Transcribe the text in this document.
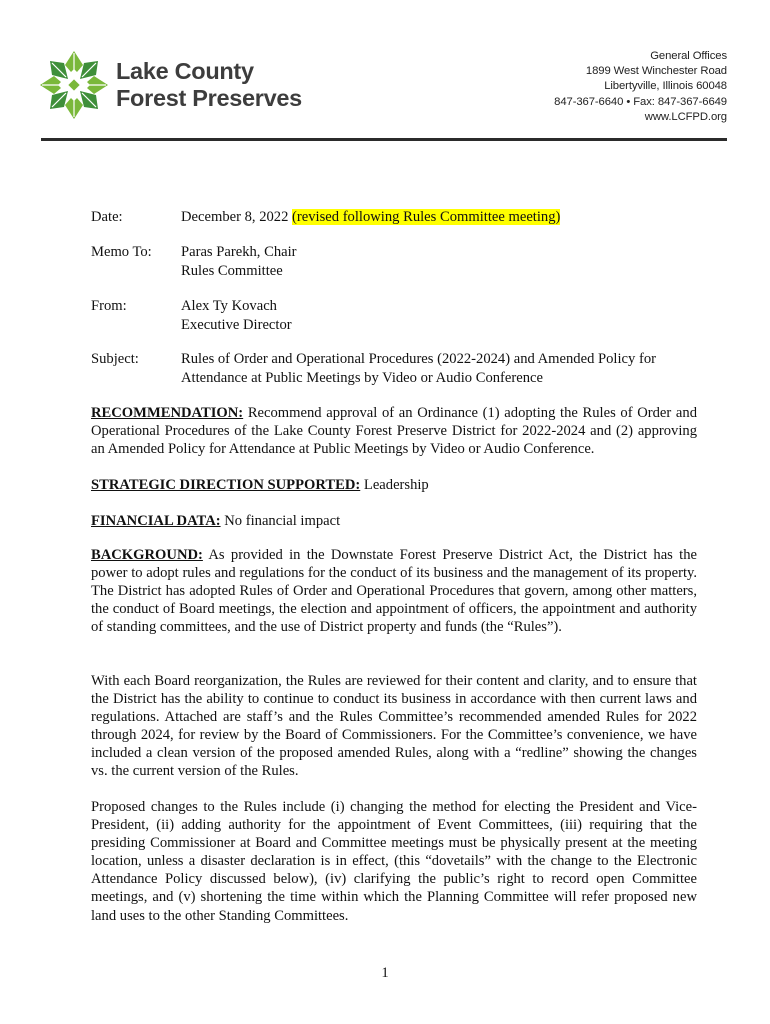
Lake County
Forest Preserves
General Offices
1899 West Winchester Road
Libertyville, Illinois 60048
847-367-6640 • Fax: 847-367-6649
www.LCFPD.org
Date:	December 8, 2022 (revised following Rules Committee meeting)
Memo To: Paras Parekh, Chair
Rules Committee
From:	Alex Ty Kovach
Executive Director
Subject:	Rules of Order and Operational Procedures (2022-2024) and Amended Policy for
Attendance at Public Meetings by Video or Audio Conference
RECOMMENDATION: Recommend approval of an Ordinance (1) adopting the Rules of Order and Operational Procedures of the Lake County Forest Preserve District for 2022-2024 and (2) approving an Amended Policy for Attendance at Public Meetings by Video or Audio Conference.
STRATEGIC DIRECTION SUPPORTED: Leadership
FINANCIAL DATA: No financial impact
BACKGROUND: As provided in the Downstate Forest Preserve District Act, the District has the power to adopt rules and regulations for the conduct of its business and the management of its property. The District has adopted Rules of Order and Operational Procedures that govern, among other matters, the conduct of Board meetings, the election and appointment of officers, the appointment and authority of standing committees, and the use of District property and funds (the “Rules”).
With each Board reorganization, the Rules are reviewed for their content and clarity, and to ensure that the District has the ability to continue to conduct its business in accordance with then current laws and regulations. Attached are staff’s and the Rules Committee’s recommended amended Rules for 2022 through 2024, for review by the Board of Commissioners. For the Committee’s convenience, we have included a clean version of the proposed amended Rules, along with a “redline” showing the changes vs. the current version of the Rules.
Proposed changes to the Rules include (i) changing the method for electing the President and Vice-President, (ii) adding authority for the appointment of Event Committees, (iii) requiring that the presiding Commissioner at Board and Committee meetings must be physically present at the meeting location, unless a disaster declaration is in effect, (this “dovetails” with the change to the Electronic Attendance Policy discussed below), (iv) clarifying the public’s right to record open Committee meetings, and (v) shortening the time within which the Planning Committee will refer proposed new land uses to the other Standing Committees.
1
